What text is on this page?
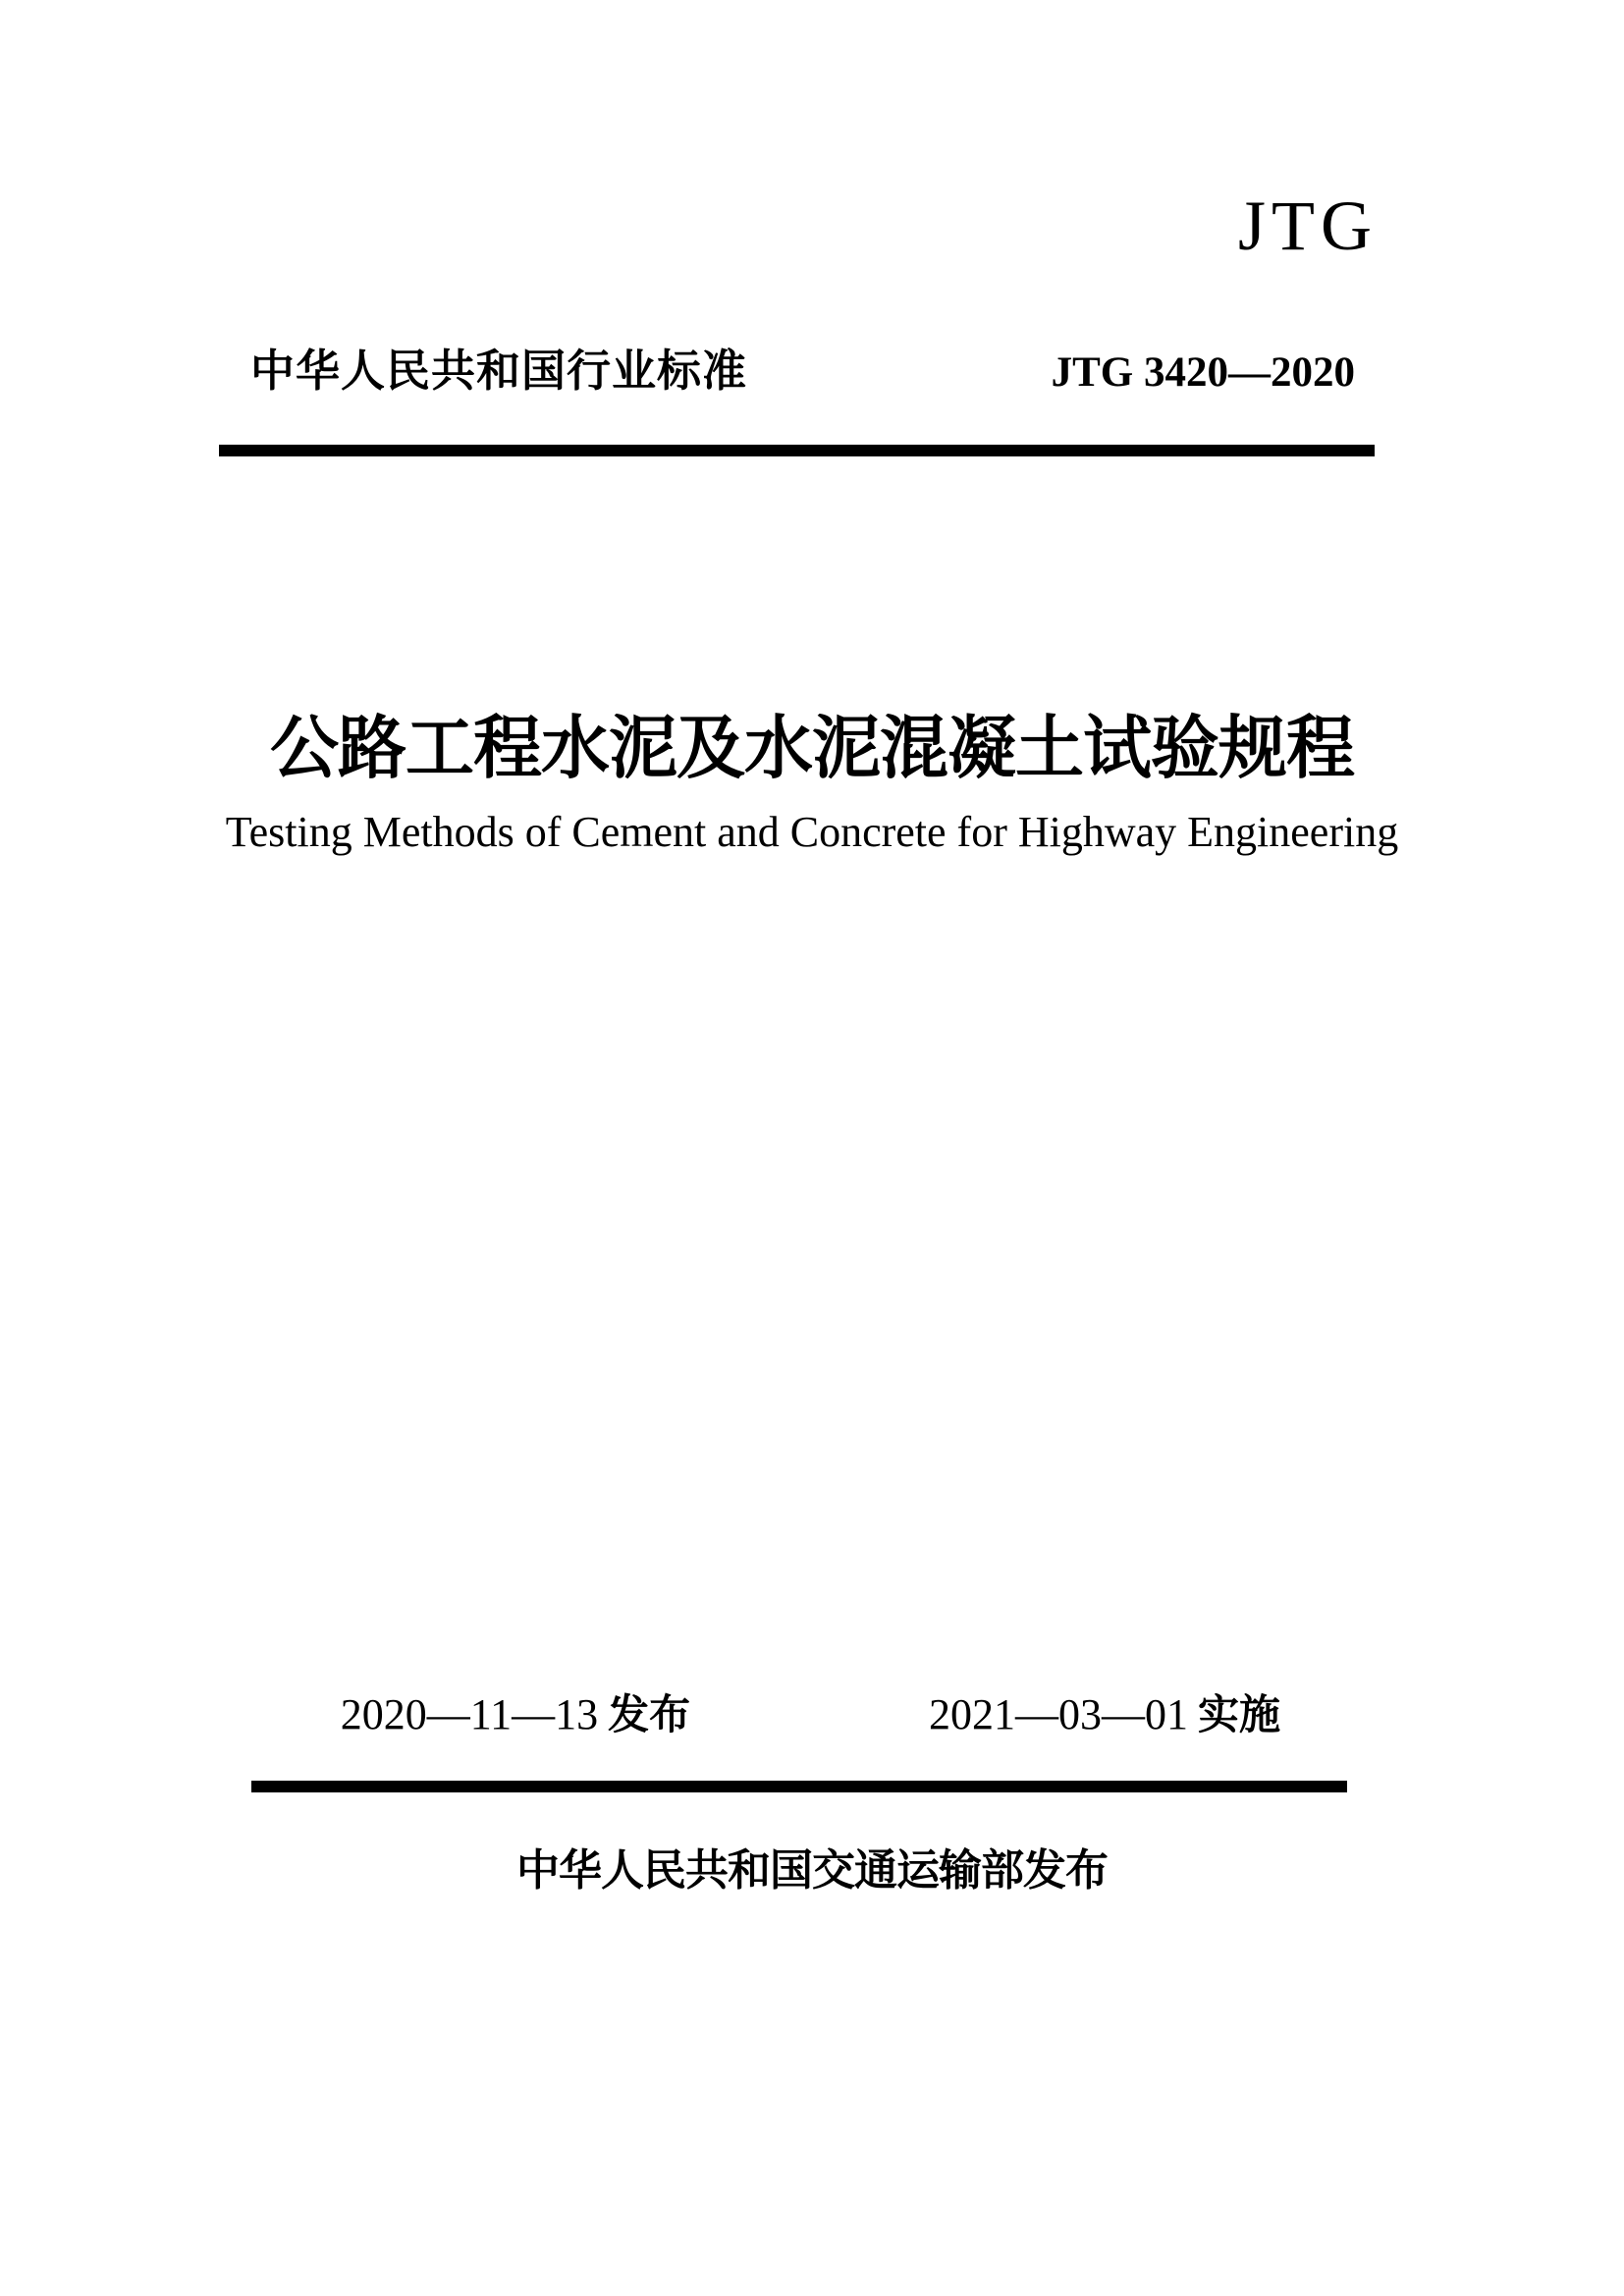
JTG
中华人民共和国行业标准	JTG 3420—2020
公路工程水泥及水泥混凝土试验规程
Testing Methods of Cement and Concrete for Highway Engineering
2020—11—13 发布	2021—03—01 实施
中华人民共和国交通运输部发布
